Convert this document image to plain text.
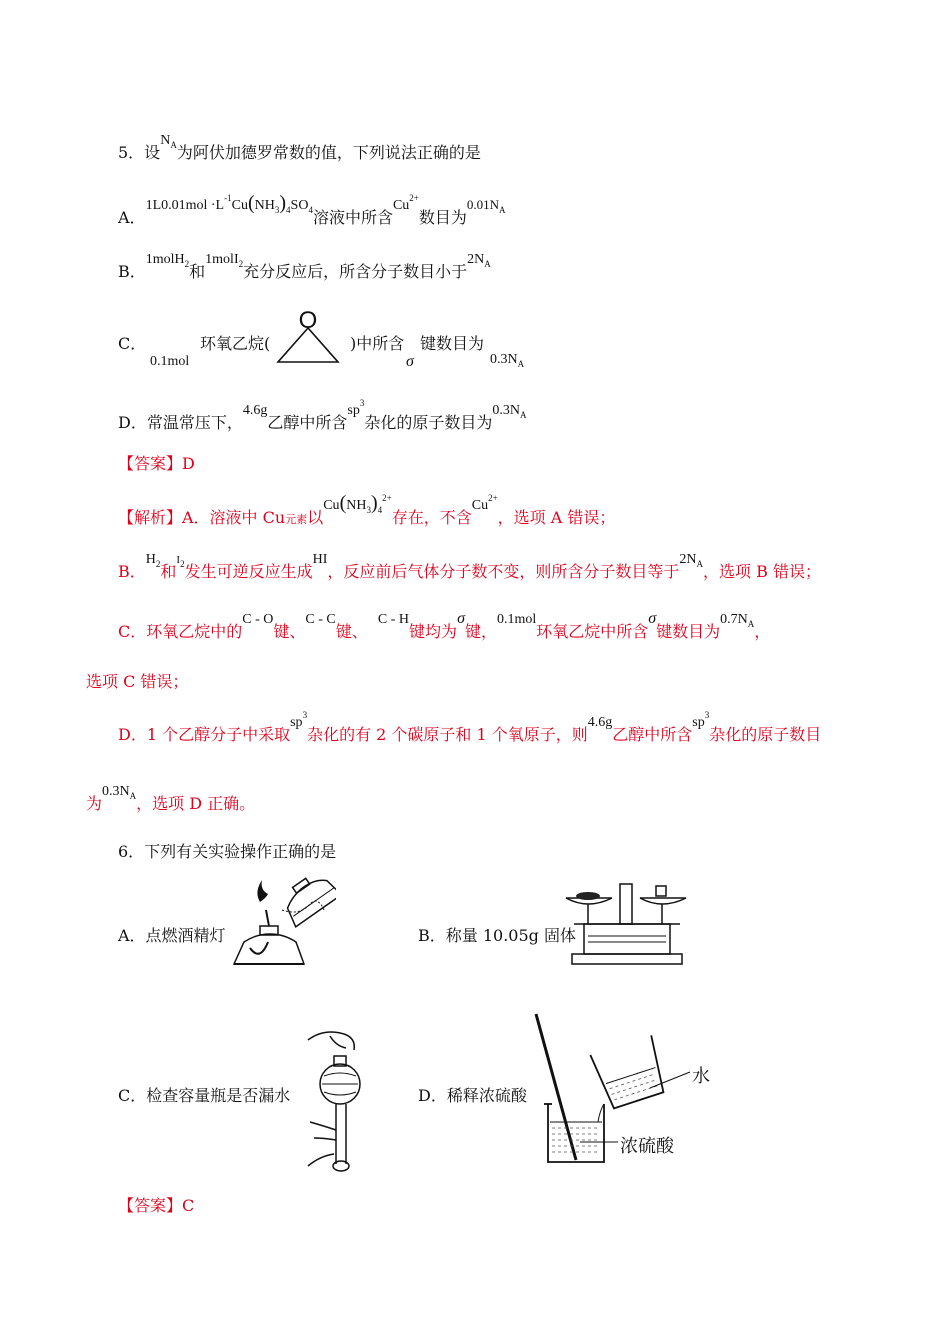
5．设$N_A$为阿伏加德罗常数的值，下列说法正确的是
A．$1L0.01mol \cdot L^{-1}Cu(NH_3)_4SO_4$溶液中所含$Cu^{2+}$数目为$^{0.01N_A}$
B．1molH$_2$和1molI$_2$充分反应后，所含分子数目小于$2N_A$
C．
0.1mol
环氧乙烷(
O
)中所含
σ
键数目为
$0.3N_A$
D．常温常压下，4.6g乙醇中所含$sp^3$杂化的原子数目为$0.3N_A$
【答案】D
【解析】A．溶液中 Cu元素以$Cu(NH_3)_4^{2+}$存在，不含$Cu^{2+}$，选项 A 错误；
B．$H_2$和$^{I_2}$发生可逆反应生成HI，反应前后气体分子数不变，则所含分子数目等于$2N_A$，选项 B 错误；
C．环氧乙烷中的C - O键、C - C键、  C - H键均为σ键，0.1mol环氧乙烷中所含σ键数目为$0.7N_A$，
选项 C 错误；
D．1 个乙醇分子中采取$sp^3$杂化的有 2 个碳原子和 1 个氧原子，则4.6g乙醇中所含$sp^3$杂化的原子数目
为$0.3N_A$，选项 D 正确。
6．下列有关实验操作正确的是
A．点燃酒精灯	B．称量 10.05g 固体
C．检查容量瓶是否漏水	D．稀释浓硫酸
浓硫酸
水
【答案】C
